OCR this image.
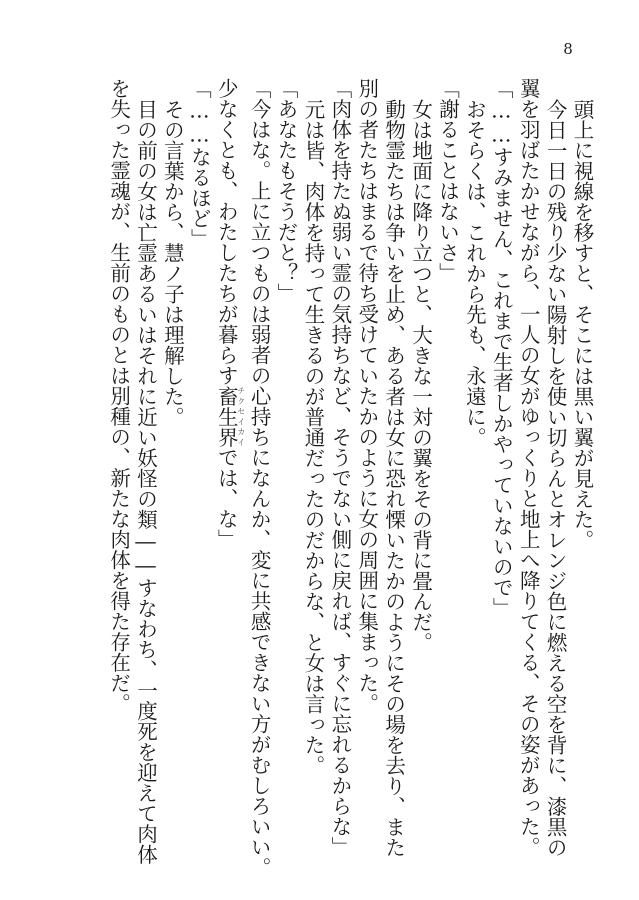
8
頭上に視線を移すと、そこには黒い翼が見えた。
今日一日の残り少ない陽射しを使い切らんとオレンジ色に燃える空を背に、漆黒の
翼を羽ばたかせながら、一人の女がゆっくりと地上へ降りてくる、その姿があった。
「……すみません、これまで生者しかやっていないので」
おそらくは、これから先も、永遠に。
「謝ることはないさ」
女は地面に降り立つと、大きな一対の翼をその背に畳んだ。
動物霊たちは争いを止め、ある者は女に恐れ慄いたかのようにその場を去り、また
別の者たちはまるで待ち受けていたかのように女の周囲に集まった。
「肉体を持たぬ弱い霊の気持ちなど、そうでない側に戻れば、すぐに忘れるからな」
元は皆、肉体を持って生きるのが普通だったのだからな、と女は言った。
「あなたもそうだと？」
「今はな。上に立つものは弱者の心持ちになんか、変に共感できない方がむしろいい。
少なくとも、わたしたちが暮らす畜生界チクセイカイでは、な」
「……なるほど」
その言葉から、慧ノ子は理解した。
目の前の女は亡霊あるいはそれに近い妖怪の類――すなわち、一度死を迎えて肉体
を失った霊魂が、生前のものとは別種の、新たな肉体を得た存在だ。
